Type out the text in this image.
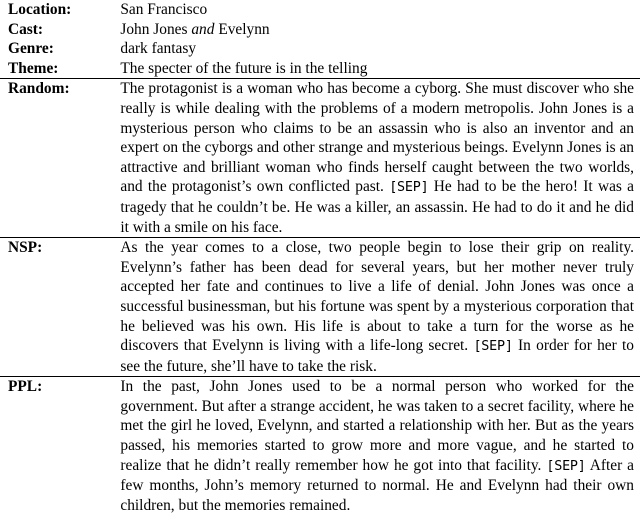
Location:	San Francisco
Cast:	John Jones and Evelynn
Genre:	dark fantasy
Theme:	The specter of the future is in the telling
Random:	The protagonist is a woman who has become a cyborg. She must discover who she really is while dealing with the problems of a modern metropolis. John Jones is a mysterious person who claims to be an assassin who is also an inventor and an expert on the cyborgs and other strange and mysterious beings. Evelynn Jones is an attractive and brilliant woman who finds herself caught between the two worlds, and the protagonist’s own conflicted past. [SEP] He had to be the hero! It was a tragedy that he couldn’t be. He was a killer, an assassin. He had to do it and he did it with a smile on his face.
NSP:	As the year comes to a close, two people begin to lose their grip on reality. Evelynn’s father has been dead for several years, but her mother never truly accepted her fate and continues to live a life of denial. John Jones was once a successful businessman, but his fortune was spent by a mysterious corporation that he believed was his own. His life is about to take a turn for the worse as he discovers that Evelynn is living with a life-long secret. [SEP] In order for her to see the future, she’ll have to take the risk.
PPL:	In the past, John Jones used to be a normal person who worked for the government. But after a strange accident, he was taken to a secret facility, where he met the girl he loved, Evelynn, and started a relationship with her. But as the years passed, his memories started to grow more and more vague, and he started to realize that he didn’t really remember how he got into that facility. [SEP] After a few months, John’s memory returned to normal. He and Evelynn had their own children, but the memories remained.
